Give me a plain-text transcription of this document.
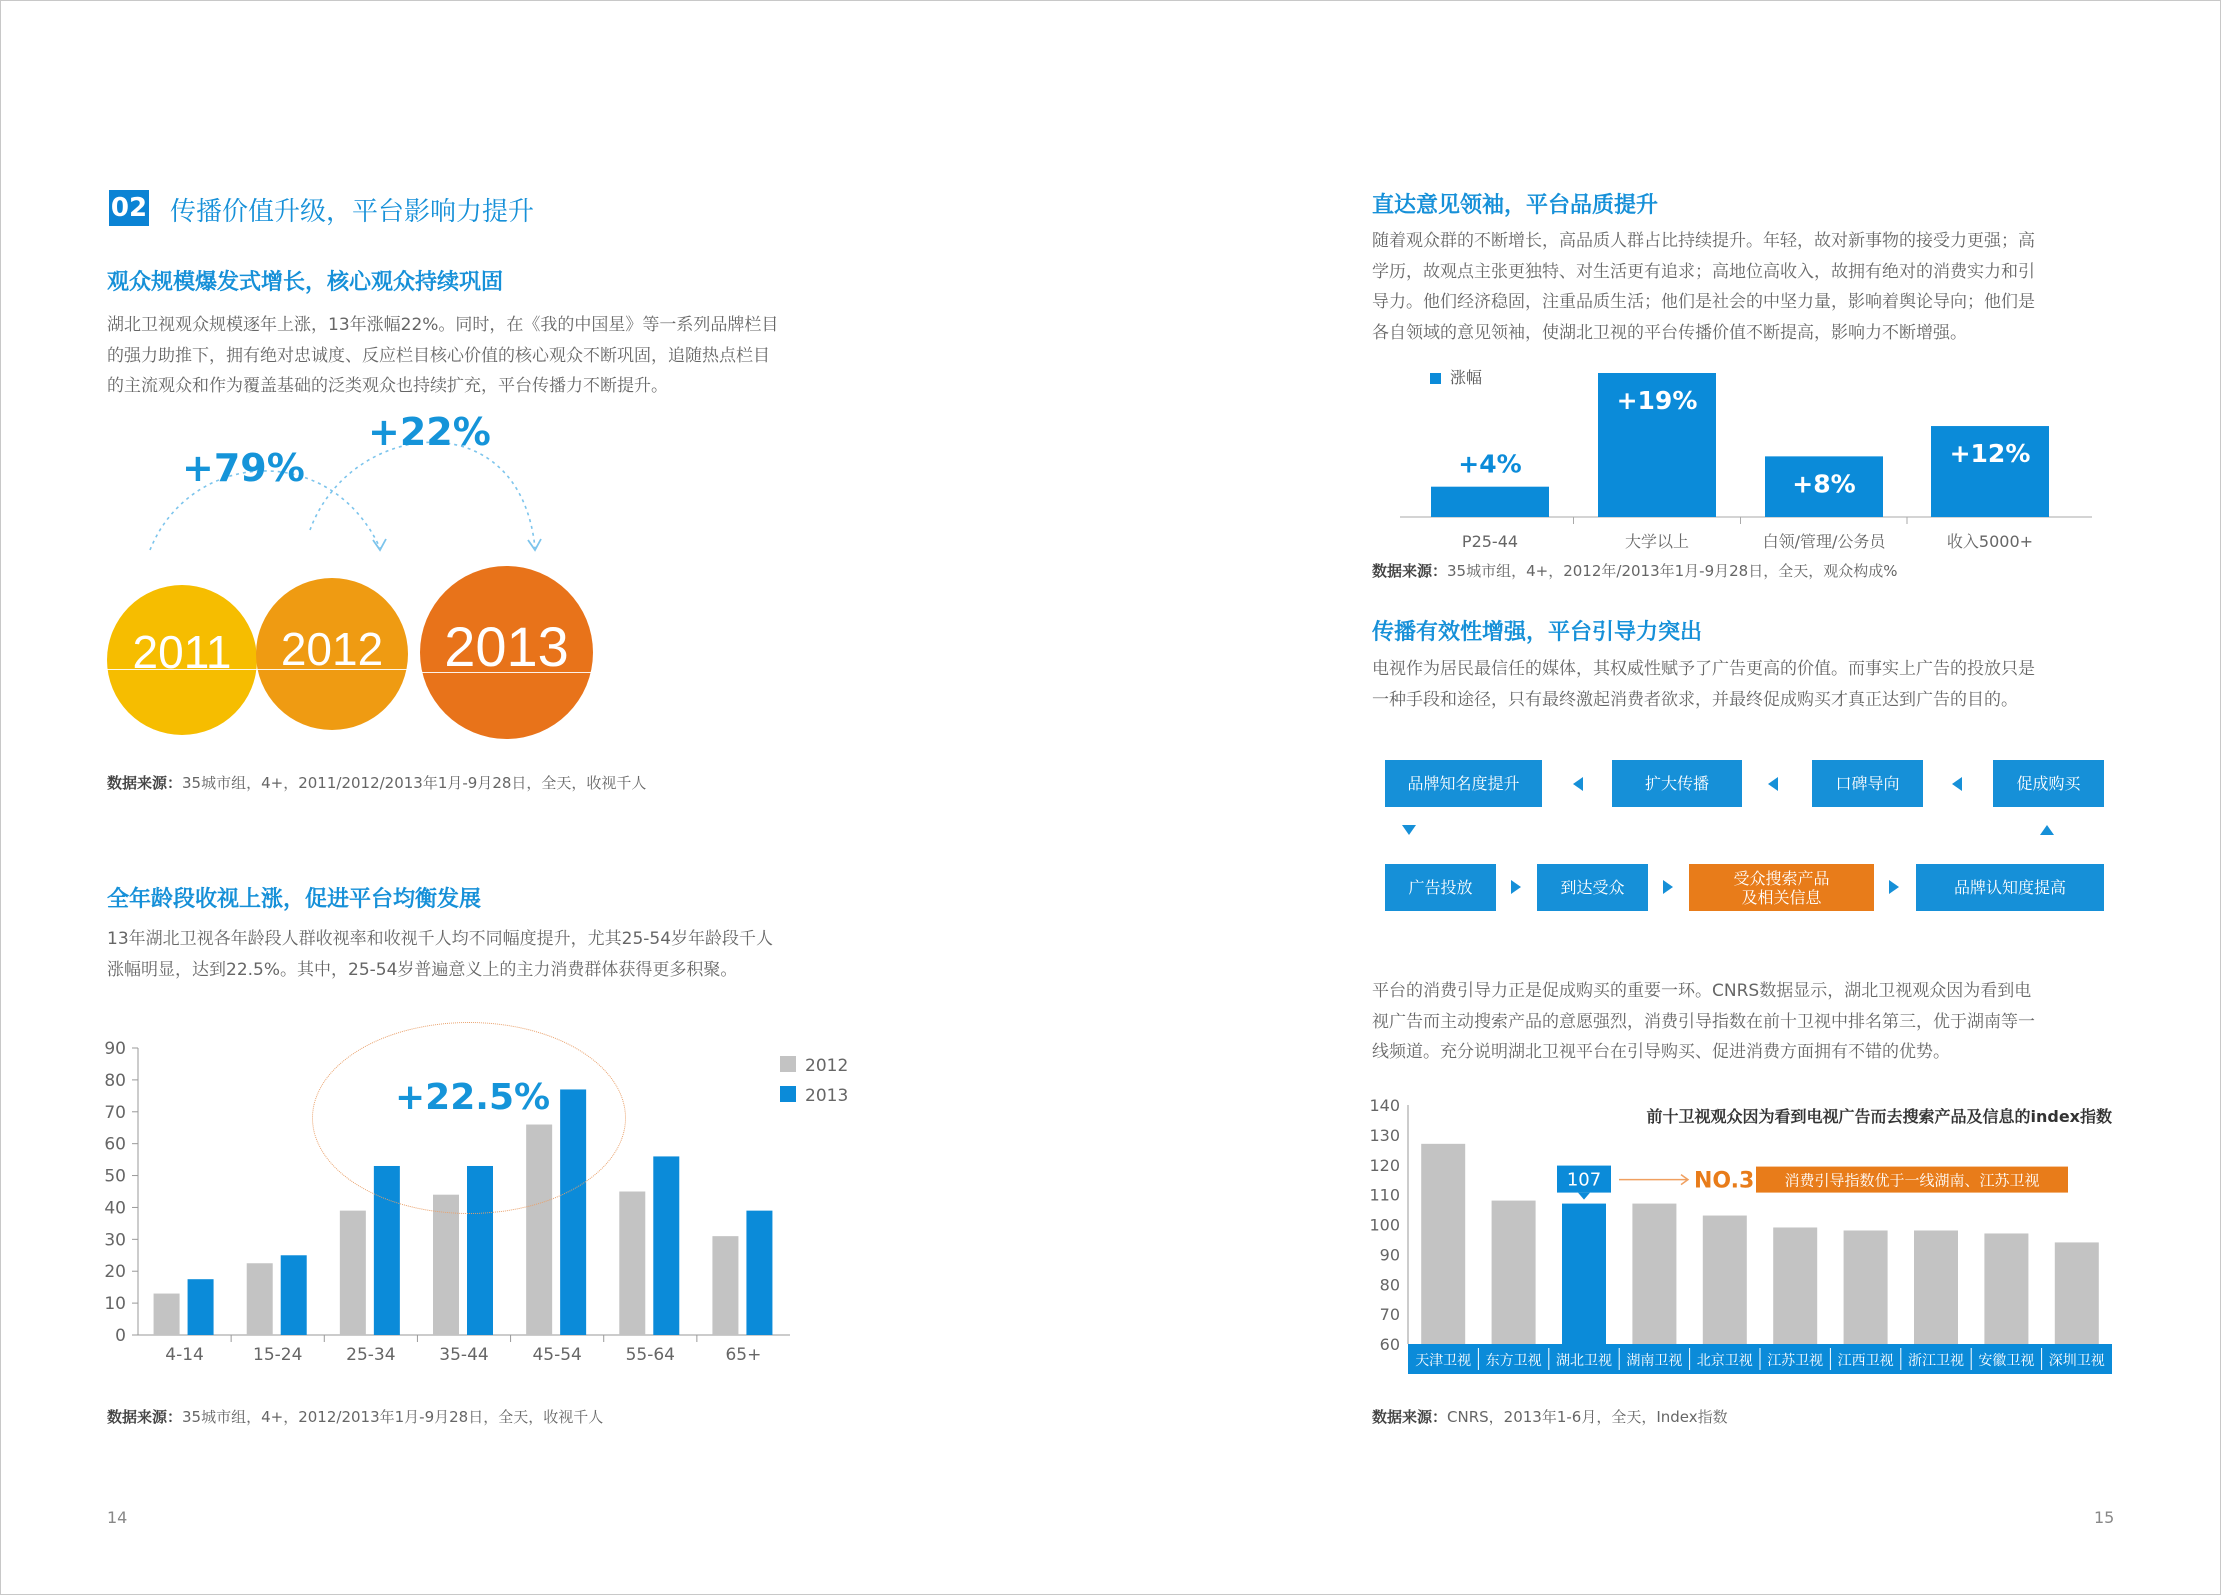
02 传播价值升级，平台影响力提升
观众规模爆发式增长，核心观众持续巩固
湖北卫视观众规模逐年上涨，13年涨幅22%。同时，在《我的中国星》等一系列品牌栏目
的强力助推下，拥有绝对忠诚度、反应栏目核心价值的核心观众不断巩固，追随热点栏目
的主流观众和作为覆盖基础的泛类观众也持续扩充，平台传播力不断提升。
+79%
+22%
2011	2012	2013
数据来源：35城市组，4+，2011/2012/2013年1月-9月28日，全天，收视千人
全年龄段收视上涨，促进平台均衡发展
13年湖北卫视各年龄段人群收视率和收视千人均不同幅度提升，尤其25-54岁年龄段千人
涨幅明显，达到22.5%。其中，25-54岁普遍意义上的主力消费群体获得更多积聚。
0
10
20
30
40
50
60
70
80
90
4-14	15-24	25-34	35-44	45-54	55-64	65+
2012
2013
+22.5%
数据来源：35城市组，4+，2012/2013年1月-9月28日，全天，收视千人
14
直达意见领袖，平台品质提升
随着观众群的不断增长，高品质人群占比持续提升。年轻，故对新事物的接受力更强；高
学历，故观点主张更独特、对生活更有追求；高地位高收入，故拥有绝对的消费实力和引
导力。他们经济稳固，注重品质生活；他们是社会的中坚力量，影响着舆论导向；他们是
各自领域的意见领袖，使湖北卫视的平台传播价值不断提高，影响力不断增强。
涨幅
+4%
P25-44
+19%
大学以上
+8%
白领/管理/公务员
+12%
收入5000+
数据来源：35城市组，4+，2012年/2013年1月-9月28日，全天，观众构成%
传播有效性增强，平台引导力突出
电视作为居民最信任的媒体，其权威性赋予了广告更高的价值。而事实上广告的投放只是
一种手段和途径，只有最终激起消费者欲求，并最终促成购买才真正达到广告的目的。
品牌知名度提升	扩大传播	口碑导向	促成购买
广告投放	到达受众	受众搜索产品
及相关信息	品牌认知度提高
平台的消费引导力正是促成购买的重要一环。CNRS数据显示，湖北卫视观众因为看到电
视广告而主动搜索产品的意愿强烈，消费引导指数在前十卫视中排名第三，优于湖南等一
线频道。充分说明湖北卫视平台在引导购买、促进消费方面拥有不错的优势。
60
70
80
90
100
110
120
130
140
前十卫视观众因为看到电视广告而去搜索产品及信息的index指数
天津卫视 东方卫视 湖北卫视
107	NO.3 消费引导指数优于一线湖南、江苏卫视
湖南卫视 北京卫视 江苏卫视 江西卫视 浙江卫视 安徽卫视 深圳卫视
数据来源：CNRS，2013年1-6月，全天，Index指数
15
